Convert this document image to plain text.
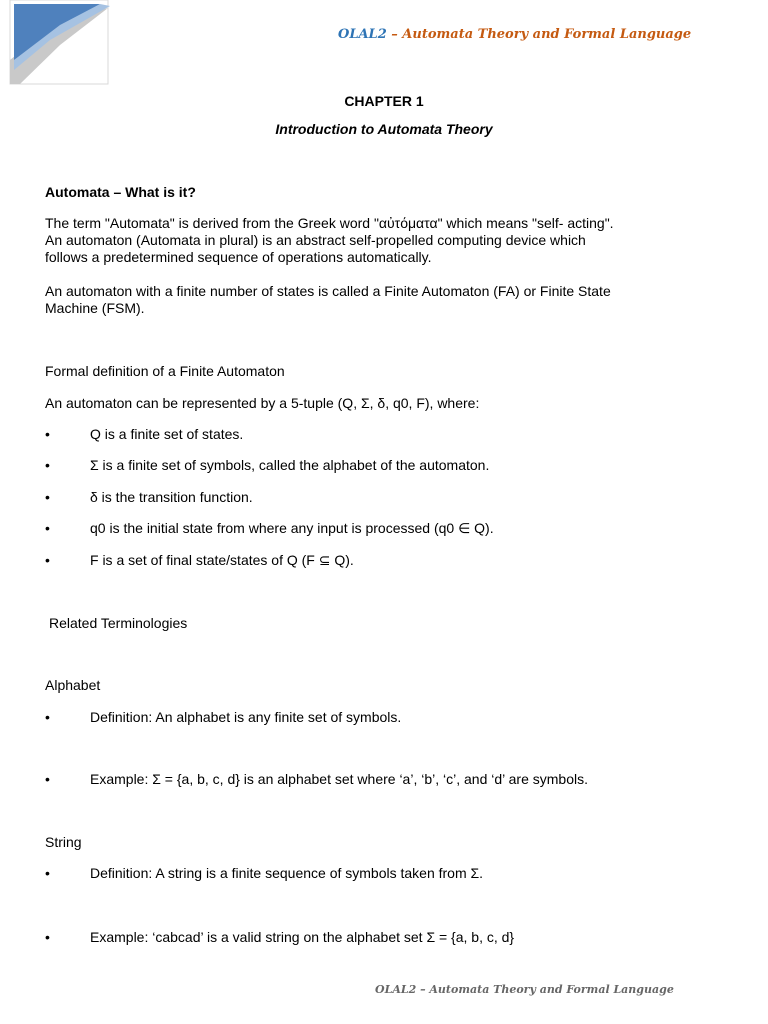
OLAL2 – Automata Theory and Formal Language
CHAPTER 1
Introduction to Automata Theory
Automata – What is it?
The term "Automata" is derived from the Greek word "αὐτόματα" which means "self- acting". An automaton (Automata in plural) is an abstract self-propelled computing device which follows a predetermined sequence of operations automatically.
An automaton with a finite number of states is called a Finite Automaton (FA) or Finite State Machine (FSM).
Formal definition of a Finite Automaton
An automaton can be represented by a 5-tuple (Q, Σ, δ, q0, F), where:
•	Q is a finite set of states.
•	Σ is a finite set of symbols, called the alphabet of the automaton.
•	δ is the transition function.
•	q0 is the initial state from where any input is processed (q0 ∈ Q).
•	F is a set of final state/states of Q (F ⊆ Q).
Related Terminologies
Alphabet
•	Definition: An alphabet is any finite set of symbols.
•	Example: Σ = {a, b, c, d} is an alphabet set where ‘a’, ‘b’, ‘c’, and ‘d’ are symbols.
String
•	Definition: A string is a finite sequence of symbols taken from Σ.
•	Example: ‘cabcad’ is a valid string on the alphabet set Σ = {a, b, c, d}
OLAL2 – Automata Theory and Formal Language
